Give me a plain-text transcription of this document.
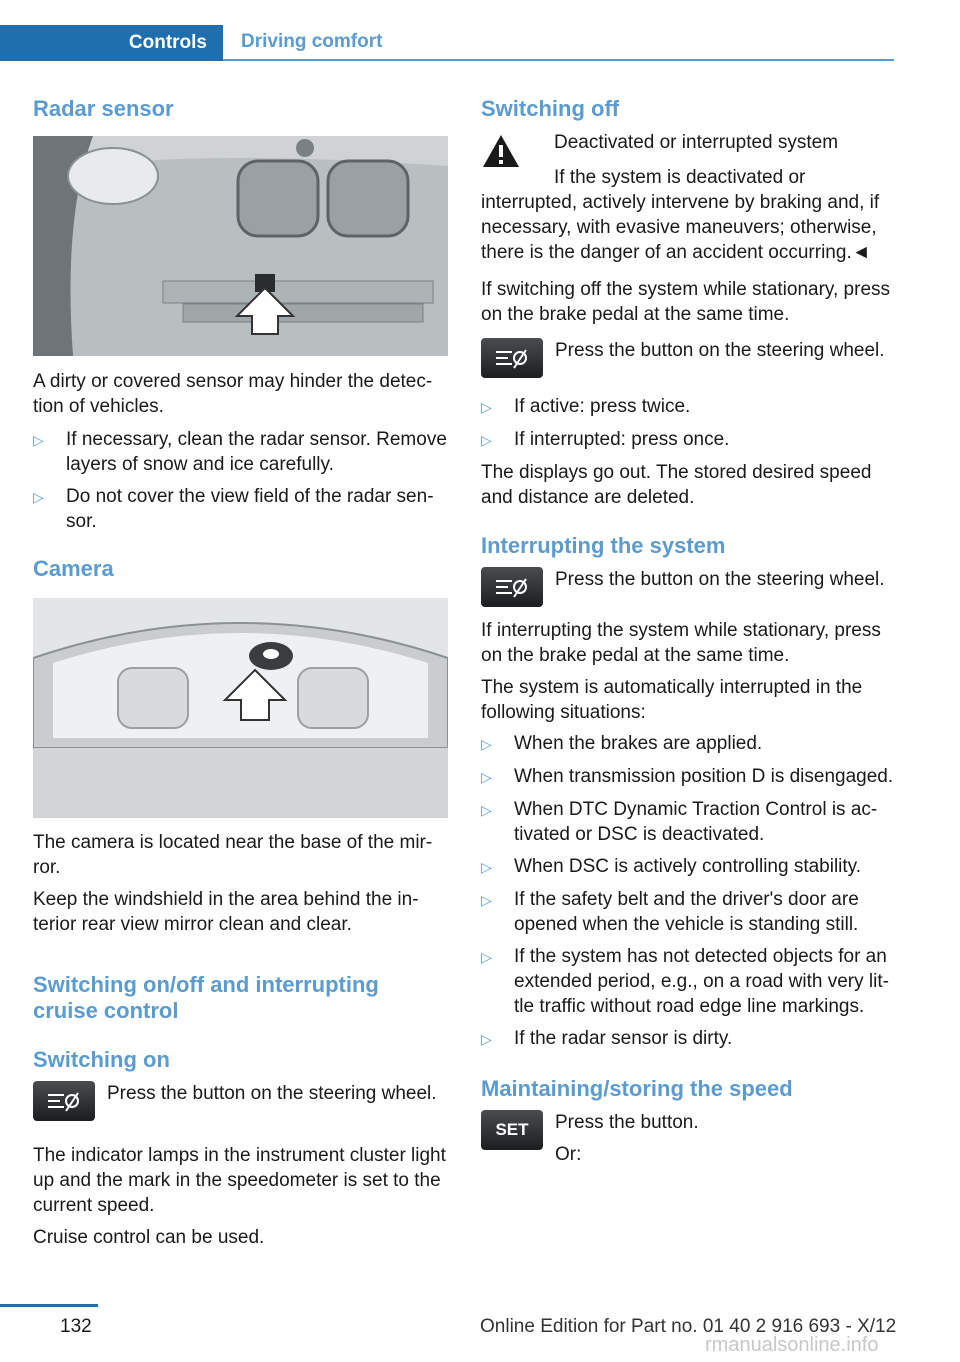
Controls	Driving comfort
Radar sensor

A dirty or covered sensor may hinder the detection of vehicles.

▷	If necessary, clean the radar sensor. Remove layers of snow and ice carefully.
▷	Do not cover the view field of the radar sensor.
Camera

The camera is located near the base of the mirror.

Keep the windshield in the area behind the interior rear view mirror clean and clear.

Switching on/off and interrupting cruise control
Switching on

Press the button on the steering wheel.

The indicator lamps in the instrument cluster light up and the mark in the speedometer is set to the current speed.

Cruise control can be used.

Switching off

Deactivated or interrupted system

If the system is deactivated or interrupted, actively intervene by braking and, if necessary, with evasive maneuvers; otherwise, there is the danger of an accident occurring.◄

If switching off the system while stationary, press on the brake pedal at the same time.

Press the button on the steering wheel.

▷	If active: press twice.
▷	If interrupted: press once.

The displays go out. The stored desired speed and distance are deleted.

Interrupting the system

Press the button on the steering wheel.

If interrupting the system while stationary, press on the brake pedal at the same time.

The system is automatically interrupted in the following situations:

▷	When the brakes are applied.
▷	When transmission position D is disengaged.
▷	When DTC Dynamic Traction Control is activated or DSC is deactivated.
▷	When DSC is actively controlling stability.
▷	If the safety belt and the driver's door are opened when the vehicle is standing still.
▷	If the system has not detected objects for an extended period, e.g., on a road with very little traffic without road edge line markings.
▷	If the radar sensor is dirty.
Maintaining/storing the speed
SET	Press the button.

Or:

132	Online Edition for Part no. 01 40 2 916 693 - X/12
rmanualsonline.info
